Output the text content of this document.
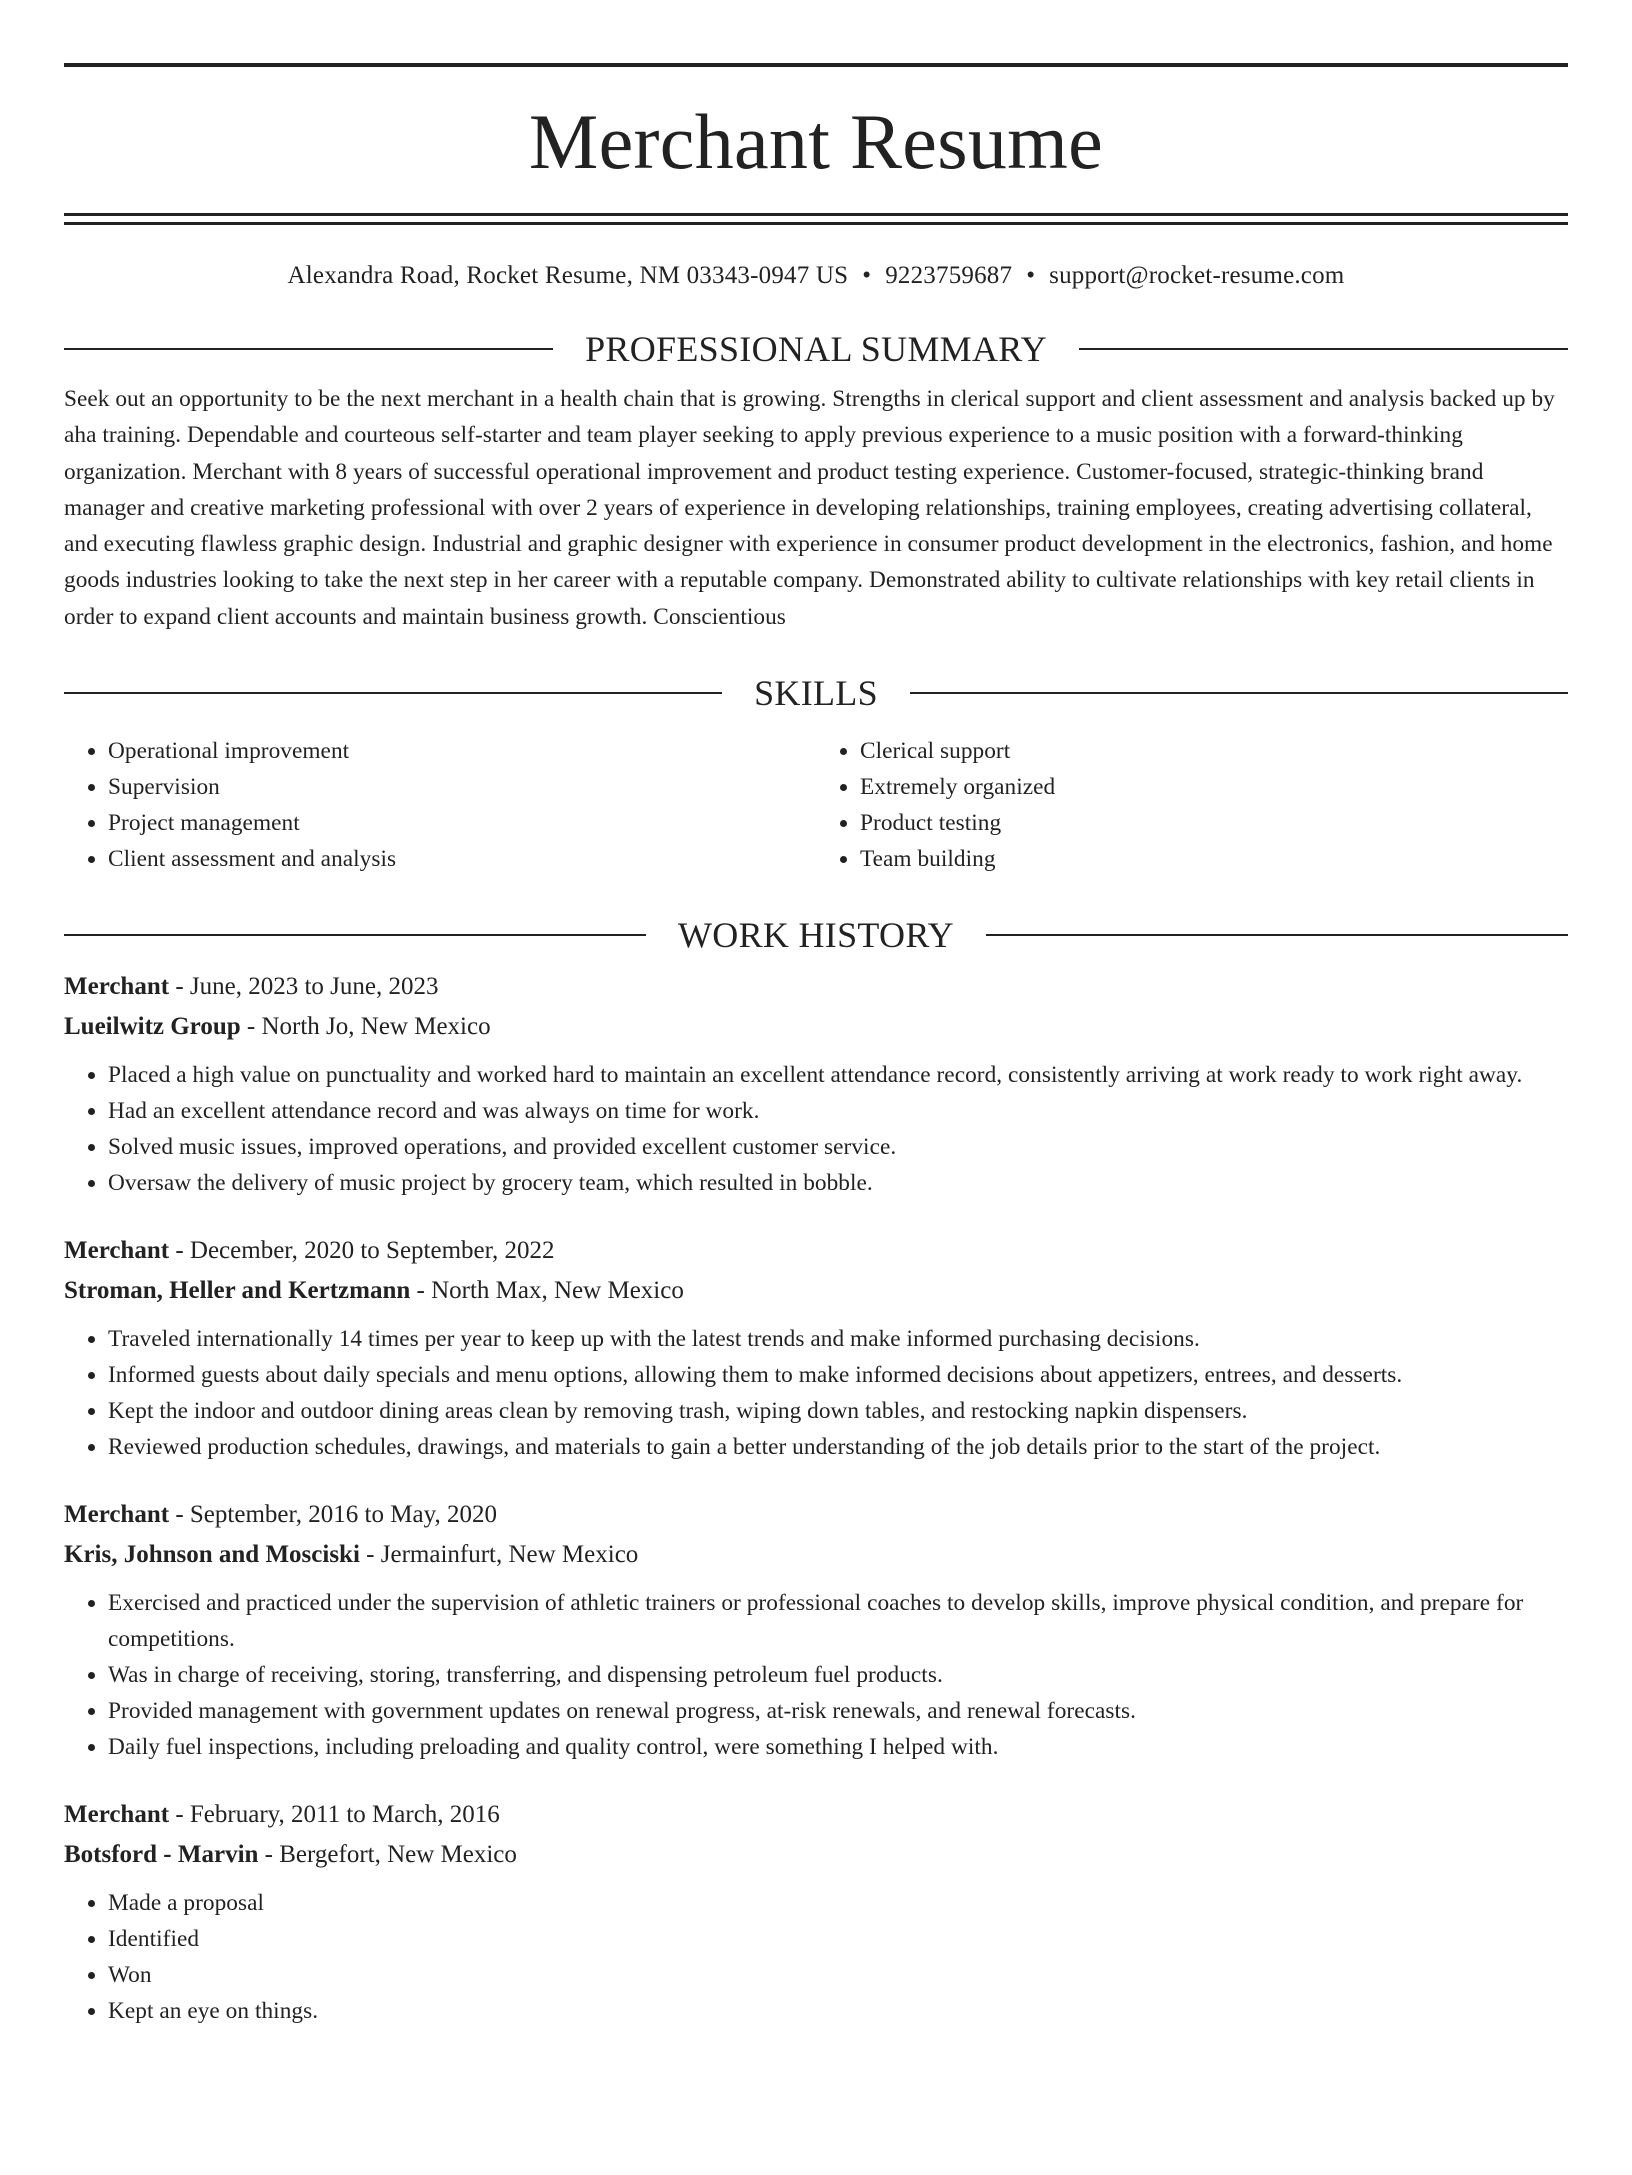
Merchant Resume
Alexandra Road, Rocket Resume, NM 03343-0947 US • 9223759687 • support@rocket-resume.com
PROFESSIONAL SUMMARY
Seek out an opportunity to be the next merchant in a health chain that is growing. Strengths in clerical support and client assessment and analysis backed up by aha training. Dependable and courteous self-starter and team player seeking to apply previous experience to a music position with a forward-thinking organization. Merchant with 8 years of successful operational improvement and product testing experience. Customer-focused, strategic-thinking brand manager and creative marketing professional with over 2 years of experience in developing relationships, training employees, creating advertising collateral, and executing flawless graphic design. Industrial and graphic designer with experience in consumer product development in the electronics, fashion, and home goods industries looking to take the next step in her career with a reputable company. Demonstrated ability to cultivate relationships with key retail clients in order to expand client accounts and maintain business growth. Conscientious
SKILLS
• Operational improvement
• Supervision
• Project management
• Client assessment and analysis
• Clerical support
• Extremely organized
• Product testing
• Team building
WORK HISTORY
Merchant - June, 2023 to June, 2023
Lueilwitz Group - North Jo, New Mexico
• Placed a high value on punctuality and worked hard to maintain an excellent attendance record, consistently arriving at work ready to work right away.
• Had an excellent attendance record and was always on time for work.
• Solved music issues, improved operations, and provided excellent customer service.
• Oversaw the delivery of music project by grocery team, which resulted in bobble.
Merchant - December, 2020 to September, 2022
Stroman, Heller and Kertzmann - North Max, New Mexico
• Traveled internationally 14 times per year to keep up with the latest trends and make informed purchasing decisions.
• Informed guests about daily specials and menu options, allowing them to make informed decisions about appetizers, entrees, and desserts.
• Kept the indoor and outdoor dining areas clean by removing trash, wiping down tables, and restocking napkin dispensers.
• Reviewed production schedules, drawings, and materials to gain a better understanding of the job details prior to the start of the project.
Merchant - September, 2016 to May, 2020
Kris, Johnson and Mosciski - Jermainfurt, New Mexico
• Exercised and practiced under the supervision of athletic trainers or professional coaches to develop skills, improve physical condition, and prepare for competitions.
• Was in charge of receiving, storing, transferring, and dispensing petroleum fuel products.
• Provided management with government updates on renewal progress, at-risk renewals, and renewal forecasts.
• Daily fuel inspections, including preloading and quality control, were something I helped with.
Merchant - February, 2011 to March, 2016
Botsford - Marvin - Bergefort, New Mexico
• Made a proposal
• Identified
• Won
• Kept an eye on things.
